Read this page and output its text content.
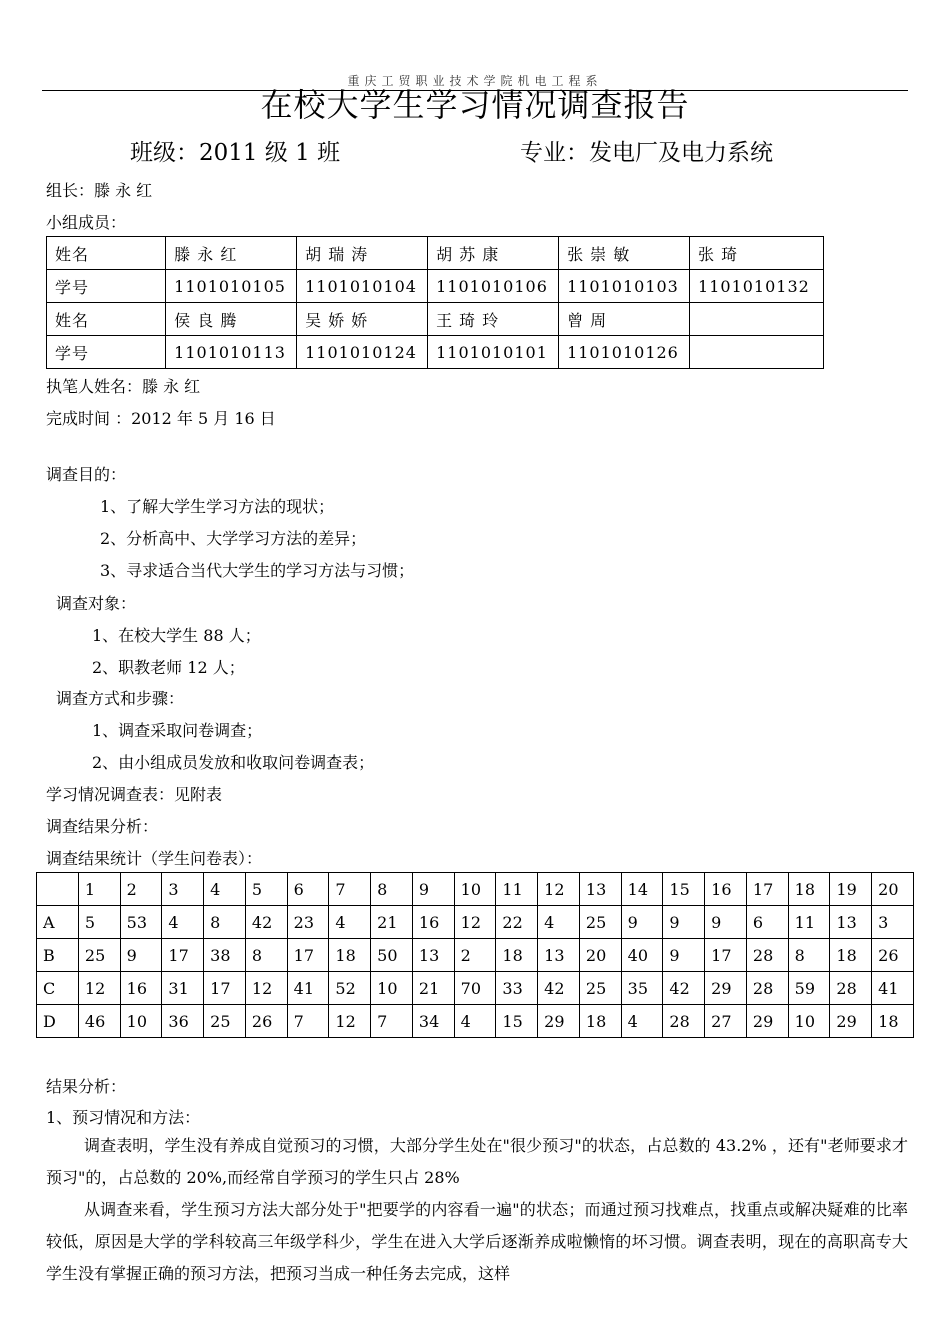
重庆工贸职业技术学院机电工程系
在校大学生学习情况调查报告
班级：2011 级 1 班	专业：发电厂及电力系统
组长：滕 永 红
小组成员：
姓名	滕 永 红	胡 瑞 涛	胡 苏 康	张 崇 敏	张 琦
学号	1101010105	1101010104	1101010106	1101010103	1101010132
姓名	侯 良 腾	吴 娇 娇	王 琦 玲	曾 周	
学号	1101010113	1101010124	1101010101	1101010126	
执笔人姓名：滕 永 红
完成时间 ：2012 年 5 月 16 日
调查目的：
1、了解大学生学习方法的现状；
2、分析高中、大学学习方法的差异；
3、寻求适合当代大学生的学习方法与习惯；
调查对象：
1、在校大学生 88 人；
2、职教老师 12 人；
调查方式和步骤：
1、调查采取问卷调查；
2、由小组成员发放和收取问卷调查表；
学习情况调查表：见附表
调查结果分析：
调查结果统计（学生问卷表）：
	1	2	3	4	5	6	7	8	9	10	11	12	13	14	15	16	17	18	19	20
A	5	53	4	8	42	23	4	21	16	12	22	4	25	9	9	9	6	11	13	3
B	25	9	17	38	8	17	18	50	13	2	18	13	20	40	9	17	28	8	18	26
C	12	16	31	17	12	41	52	10	21	70	33	42	25	35	42	29	28	59	28	41
D	46	10	36	25	26	7	12	7	34	4	15	29	18	4	28	27	29	10	29	18
结果分析：
1、预习情况和方法：
调查表明，学生没有养成自觉预习的习惯，大部分学生处在"很少预习"的状态，占总数的 43.2% ，还有"老师要求才预习"的，占总数的 20%,而经常自学预习的学生只占 28%
从调查来看，学生预习方法大部分处于"把要学的内容看一遍"的状态；而通过预习找难点，找重点或解决疑难的比率较低，原因是大学的学科较高三年级学科少，学生在进入大学后逐渐养成啦懒惰的坏习惯。调查表明，现在的高职高专大学生没有掌握正确的预习方法，把预习当成一种任务去完成，这样
